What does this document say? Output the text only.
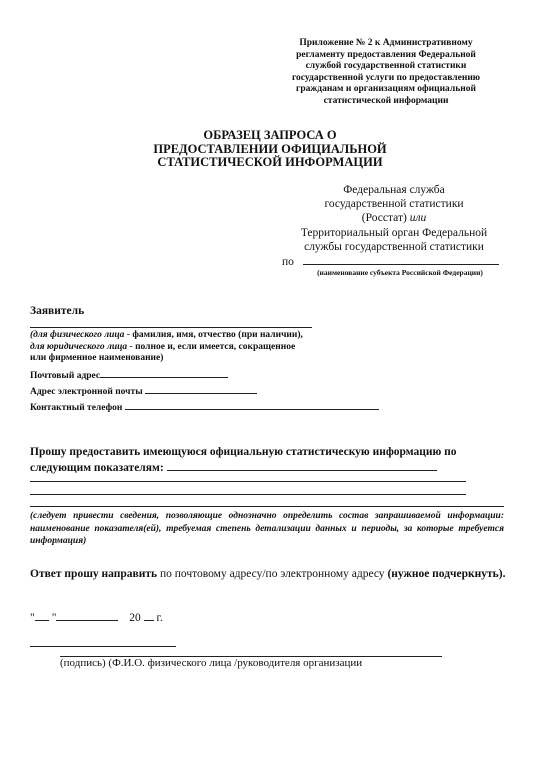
Приложение № 2 к Административному
регламенту предоставления Федеральной
службой государственной статистики
государственной услуги по предоставлению
гражданам и организациям официальной
статистической информации
ОБРАЗЕЦ ЗАПРОСА О
ПРЕДОСТАВЛЕНИИ ОФИЦИАЛЬНОЙ
СТАТИСТИЧЕСКОЙ ИНФОРМАЦИИ
Федеральная служба
государственной статистики
(Росстат) или
Территориальный орган Федеральной
службы государственной статистики
по
(наименование субъекта Российской Федерации)
Заявитель
(для физического лица - фамилия, имя, отчество (при наличии), для юридического лица - полное и, если имеется, сокращенное или фирменное наименование)
Почтовый адрес
Адрес электронной почты
Контактный телефон
Прошу предоставить имеющуюся официальную статистическую информацию по
следующим показателям:
(следует привести сведения, позволяющие однозначно определить состав запрашиваемой информации: наименование показателя(ей), требуемая степень детализации данных и периоды, за которые требуется информация)
Ответ прошу направить по почтовому адресу/по электронному адресу (нужное подчеркнуть).
" "	20 г.
(подпись) (Ф.И.О. физического лица /руководителя организации
